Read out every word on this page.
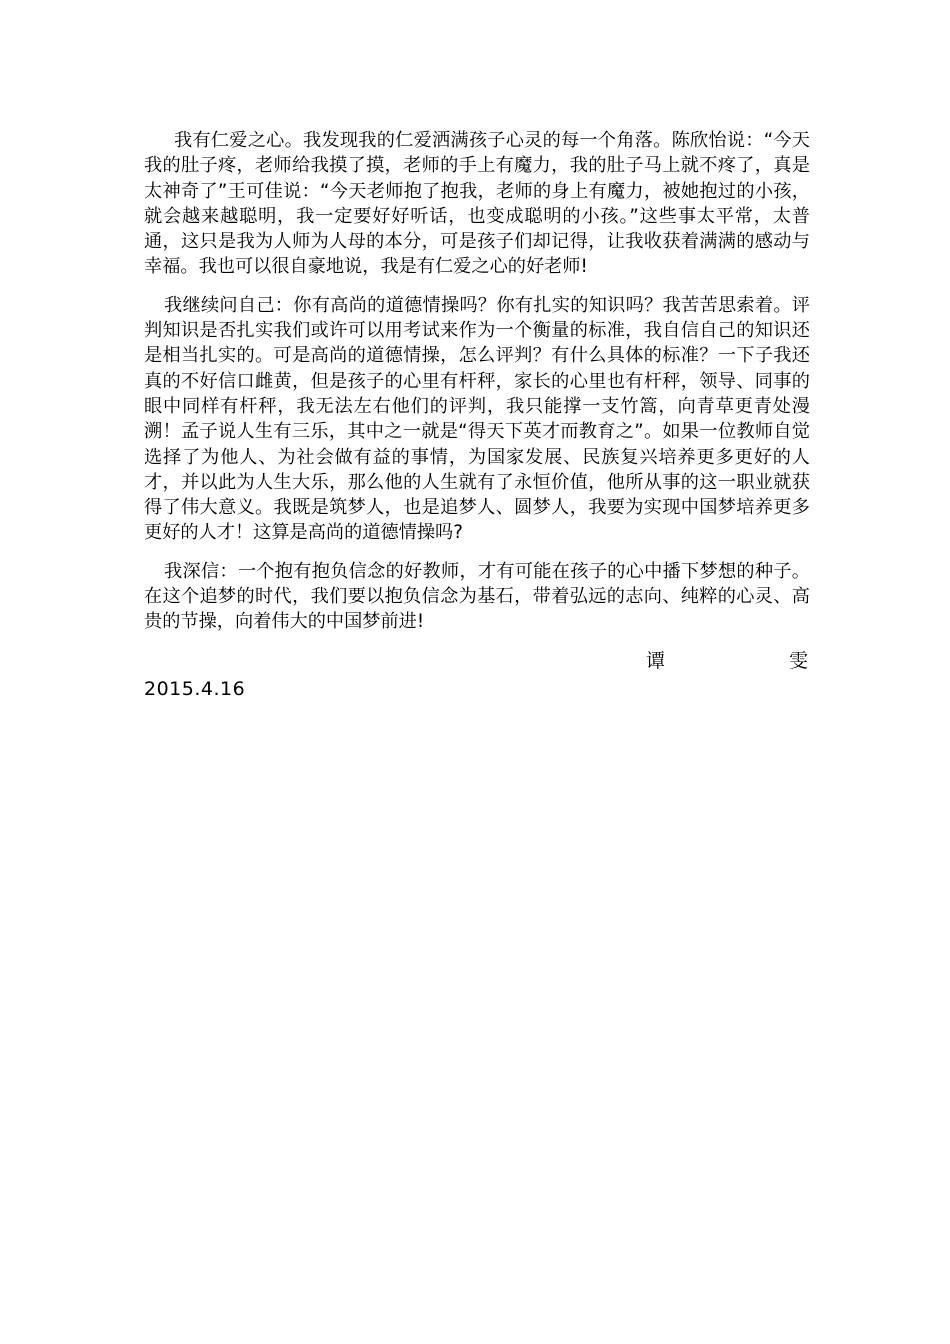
我有仁爱之心。我发现我的仁爱洒满孩子心灵的每一个角落。陈欣怡说：“今天我的肚子疼，老师给我摸了摸，老师的手上有魔力，我的肚子马上就不疼了，真是太神奇了”王可佳说：“今天老师抱了抱我，老师的身上有魔力，被她抱过的小孩，就会越来越聪明，我一定要好好听话，也变成聪明的小孩。”这些事太平常，太普通，这只是我为人师为人母的本分，可是孩子们却记得，让我收获着满满的感动与幸福。我也可以很自豪地说，我是有仁爱之心的好老师!

我继续问自己：你有高尚的道德情操吗？你有扎实的知识吗？我苦苦思索着。评判知识是否扎实我们或许可以用考试来作为一个衡量的标准，我自信自己的知识还是相当扎实的。可是高尚的道德情操，怎么评判？有什么具体的标准？一下子我还真的不好信口雌黄，但是孩子的心里有杆秤，家长的心里也有杆秤，领导、同事的眼中同样有杆秤，我无法左右他们的评判，我只能撑一支竹篙，向青草更青处漫溯！孟子说人生有三乐，其中之一就是“得天下英才而教育之”。如果一位教师自觉选择了为他人、为社会做有益的事情，为国家发展、民族复兴培养更多更好的人才，并以此为人生大乐，那么他的人生就有了永恒价值，他所从事的这一职业就获得了伟大意义。我既是筑梦人，也是追梦人、圆梦人，我要为实现中国梦培养更多更好的人才！这算是高尚的道德情操吗?

我深信：一个抱有抱负信念的好教师，才有可能在孩子的心中播下梦想的种子。在这个追梦的时代，我们要以抱负信念为基石，带着弘远的志向、纯粹的心灵、高贵的节操，向着伟大的中国梦前进!

谭	雯
2015.4.16
